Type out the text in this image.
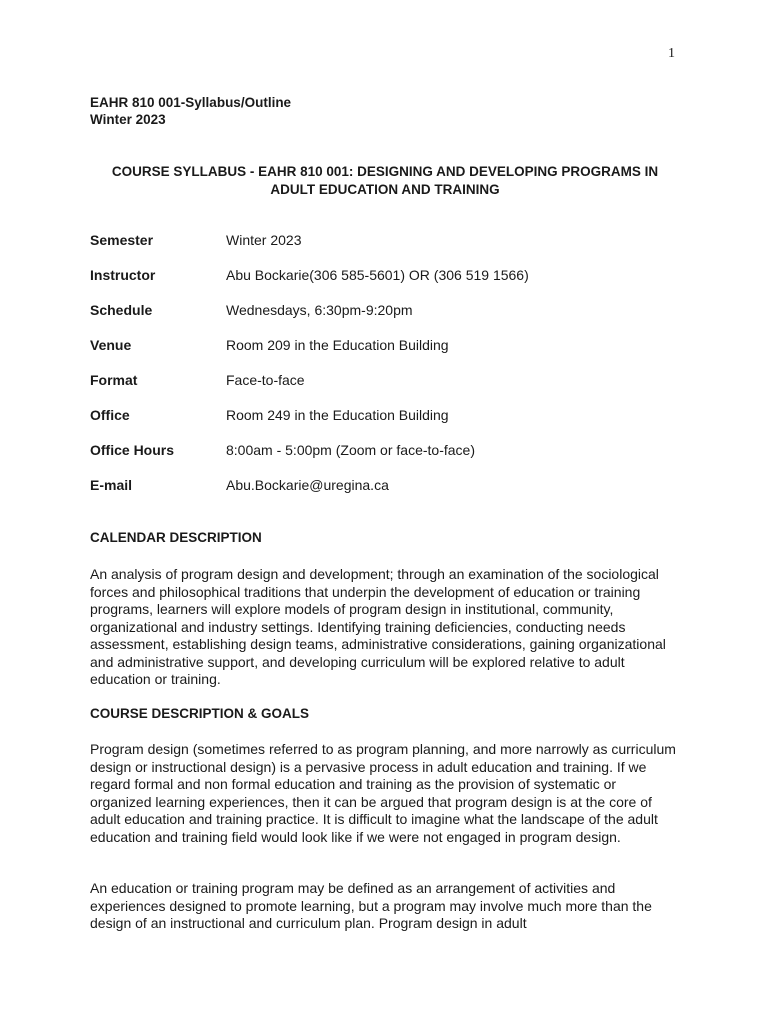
1
EAHR 810 001-Syllabus/Outline
Winter 2023
COURSE SYLLABUS - EAHR 810 001: DESIGNING AND DEVELOPING PROGRAMS IN
ADULT EDUCATION AND TRAINING
Semester	Winter 2023
Instructor	Abu Bockarie(306 585-5601) OR (306 519 1566)
Schedule	Wednesdays, 6:30pm-9:20pm
Venue	Room 209 in the Education Building
Format	Face-to-face
Office	Room 249 in the Education Building
Office Hours	8:00am - 5:00pm (Zoom or face-to-face)
E-mail	Abu.Bockarie@uregina.ca
CALENDAR DESCRIPTION
An analysis of program design and development; through an examination of the sociological forces and philosophical traditions that underpin the development of education or training programs, learners will explore models of program design in institutional, community, organizational and industry settings. Identifying training deficiencies, conducting needs assessment, establishing design teams, administrative considerations, gaining organizational and administrative support, and developing curriculum will be explored relative to adult education or training.
COURSE DESCRIPTION & GOALS
Program design (sometimes referred to as program planning, and more narrowly as curriculum design or instructional design) is a pervasive process in adult education and training. If we regard formal and non formal education and training as the provision of systematic or organized learning experiences, then it can be argued that program design is at the core of adult education and training practice. It is difficult to imagine what the landscape of the adult education and training field would look like if we were not engaged in program design.
An education or training program may be defined as an arrangement of activities and experiences designed to promote learning, but a program may involve much more than the design of an instructional and curriculum plan. Program design in adult
